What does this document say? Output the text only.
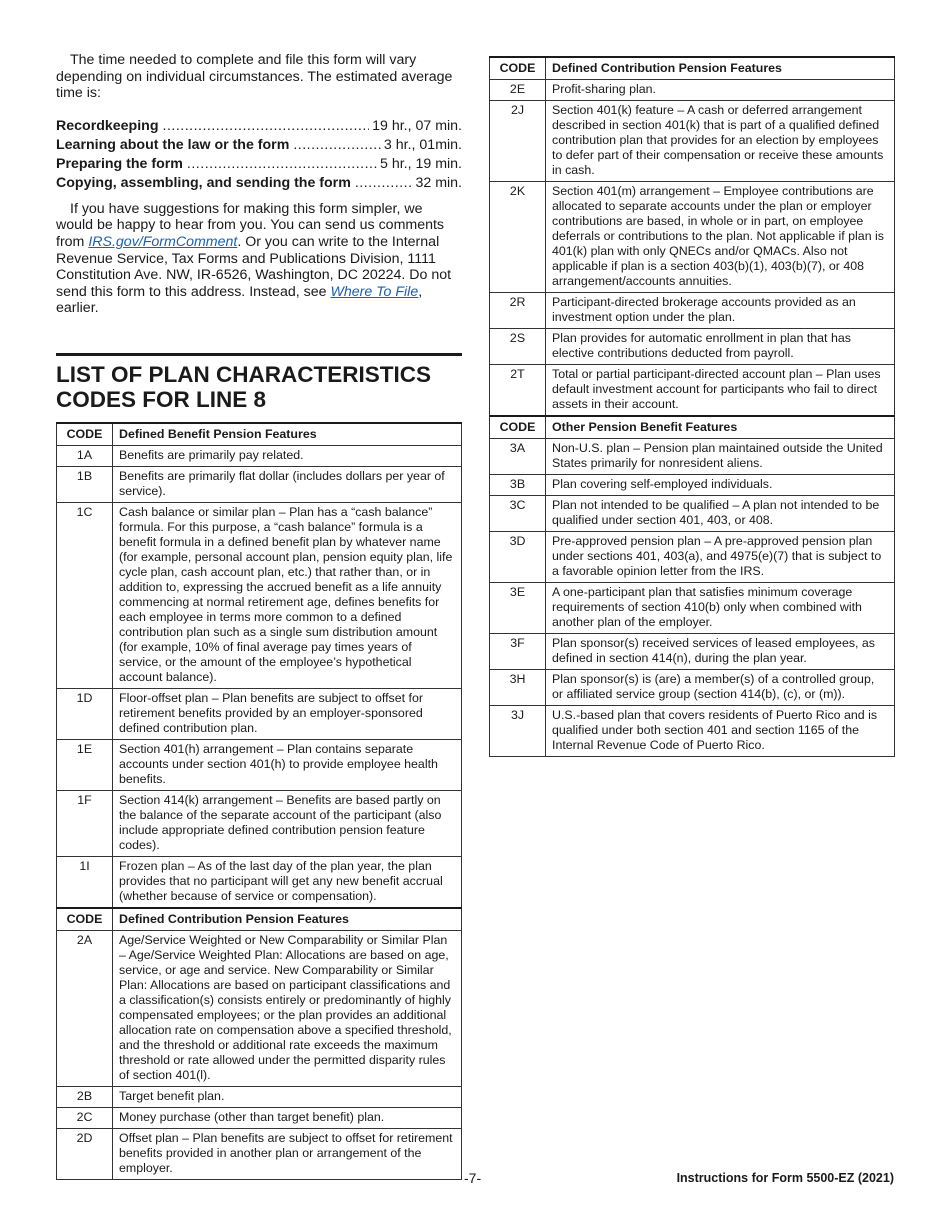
The time needed to complete and file this form will vary depending on individual circumstances. The estimated average time is:

Recordkeeping .....	19 hr., 07 min.
Learning about the law or the form .....	3 hr., 01min.
Preparing the form .....	5 hr., 19 min.
Copying, assembling, and sending the form .....	32 min.

If you have suggestions for making this form simpler, we would be happy to hear from you. You can send us comments from IRS.gov/FormComment. Or you can write to the Internal Revenue Service, Tax Forms and Publications Division, 1111 Constitution Ave. NW, IR-6526, Washington, DC 20224. Do not send this form to this address. Instead, see Where To File, earlier.

LIST OF PLAN CHARACTERISTICS CODES FOR LINE 8
CODE	Defined Benefit Pension Features
1A	Benefits are primarily pay related.
1B	Benefits are primarily flat dollar (includes dollars per year of service).
1C	Cash balance or similar plan – Plan has a “cash balance” formula. For this purpose, a “cash balance” formula is a benefit formula in a defined benefit plan by whatever name (for example, personal account plan, pension equity plan, life cycle plan, cash account plan, etc.) that rather than, or in addition to, expressing the accrued benefit as a life annuity commencing at normal retirement age, defines benefits for each employee in terms more common to a defined contribution plan such as a single sum distribution amount (for example, 10% of final average pay times years of service, or the amount of the employee’s hypothetical account balance).
1D	Floor-offset plan – Plan benefits are subject to offset for retirement benefits provided by an employer-sponsored defined contribution plan.
1E	Section 401(h) arrangement – Plan contains separate accounts under section 401(h) to provide employee health benefits.
1F	Section 414(k) arrangement – Benefits are based partly on the balance of the separate account of the participant (also include appropriate defined contribution pension feature codes).
1I	Frozen plan – As of the last day of the plan year, the plan provides that no participant will get any new benefit accrual (whether because of service or compensation).
CODE	Defined Contribution Pension Features
2A	Age/Service Weighted or New Comparability or Similar Plan – Age/Service Weighted Plan: Allocations are based on age, service, or age and service. New Comparability or Similar Plan: Allocations are based on participant classifications and a classification(s) consists entirely or predominantly of highly compensated employees; or the plan provides an additional allocation rate on compensation above a specified threshold, and the threshold or additional rate exceeds the maximum threshold or rate allowed under the permitted disparity rules of section 401(l).
2B	Target benefit plan.
2C	Money purchase (other than target benefit) plan.
2D	Offset plan – Plan benefits are subject to offset for retirement benefits provided in another plan or arrangement of the employer.
CODE	Defined Contribution Pension Features
2E	Profit-sharing plan.
2J	Section 401(k) feature – A cash or deferred arrangement described in section 401(k) that is part of a qualified defined contribution plan that provides for an election by employees to defer part of their compensation or receive these amounts in cash.
2K	Section 401(m) arrangement – Employee contributions are allocated to separate accounts under the plan or employer contributions are based, in whole or in part, on employee deferrals or contributions to the plan. Not applicable if plan is 401(k) plan with only QNECs and/or QMACs. Also not applicable if plan is a section 403(b)(1), 403(b)(7), or 408 arrangement/accounts annuities.
2R	Participant-directed brokerage accounts provided as an investment option under the plan.
2S	Plan provides for automatic enrollment in plan that has elective contributions deducted from payroll.
2T	Total or partial participant-directed account plan – Plan uses default investment account for participants who fail to direct assets in their account.
CODE	Other Pension Benefit Features
3A	Non-U.S. plan – Pension plan maintained outside the United States primarily for nonresident aliens.
3B	Plan covering self-employed individuals.
3C	Plan not intended to be qualified – A plan not intended to be qualified under section 401, 403, or 408.
3D	Pre-approved pension plan – A pre-approved pension plan under sections 401, 403(a), and 4975(e)(7) that is subject to a favorable opinion letter from the IRS.
3E	A one-participant plan that satisfies minimum coverage requirements of section 410(b) only when combined with another plan of the employer.
3F	Plan sponsor(s) received services of leased employees, as defined in section 414(n), during the plan year.
3H	Plan sponsor(s) is (are) a member(s) of a controlled group, or affiliated service group (section 414(b), (c), or (m)).
3J	U.S.-based plan that covers residents of Puerto Rico and is qualified under both section 401 and section 1165 of the Internal Revenue Code of Puerto Rico.
-7-	Instructions for Form 5500-EZ (2021)
